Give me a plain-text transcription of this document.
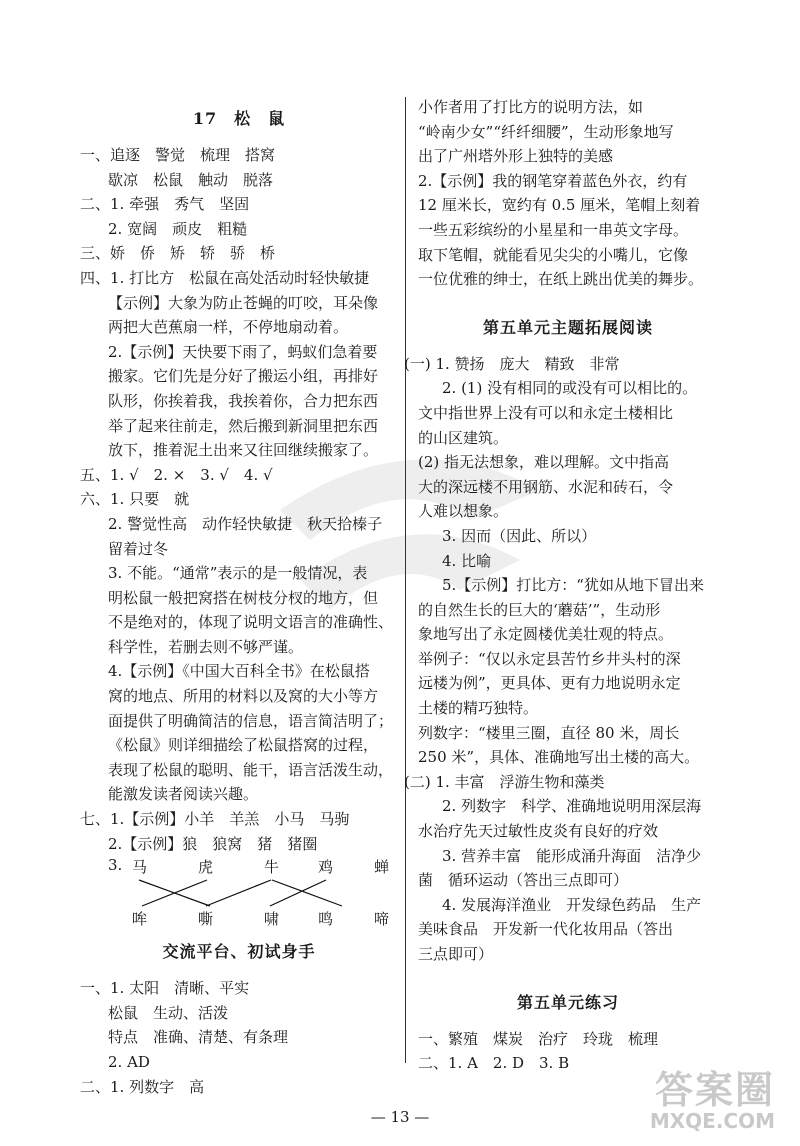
17　松　鼠
一、追逐　警觉　梳理　搭窝
歇凉　松鼠　触动　脱落
二、1. 牵强　秀气　坚固
2. 宽阔　顽皮　粗糙
三、娇　侨　矫　轿　骄　桥
四、1. 打比方　松鼠在高处活动时轻快敏捷
【示例】大象为防止苍蝇的叮咬，耳朵像
两把大芭蕉扇一样，不停地扇动着。
2.【示例】天快要下雨了，蚂蚁们急着要
搬家。它们先是分好了搬运小组，再排好
队形，你挨着我，我挨着你，合力把东西
举了起来往前走，然后搬到新洞里把东西
放下，推着泥土出来又往回继续搬家了。
五、1. √　2. ×　3. √　4. √
六、1. 只要　就
2. 警觉性高　动作轻快敏捷　秋天拾榛子
留着过冬
3. 不能。“通常”表示的是一般情况，表
明松鼠一般把窝搭在树枝分杈的地方，但
不是绝对的，体现了说明文语言的准确性、
科学性，若删去则不够严谨。
4.【示例】《中国大百科全书》在松鼠搭
窝的地点、所用的材料以及窝的大小等方
面提供了明确简洁的信息，语言简洁明了；
《松鼠》则详细描绘了松鼠搭窝的过程，
表现了松鼠的聪明、能干，语言活泼生动，
能激发读者阅读兴趣。
七、1.【示例】小羊　羊羔　小马　马驹
2.【示例】狼　狼窝　猪　猪圈
3. 马	虎	牛	鸡	蝉
哞	嘶	啸	鸣	啼
交流平台、初试身手
一、1. 太阳　清晰、平实
松鼠　生动、活泼
特点　准确、清楚、有条理
2. AD
二、1. 列数字　高
小作者用了打比方的说明方法，如
“岭南少女”“纤纤细腰”，生动形象地写
出了广州塔外形上独特的美感
2.【示例】我的钢笔穿着蓝色外衣，约有
12 厘米长，宽约有 0.5 厘米，笔帽上刻着
一些五彩缤纷的小星星和一串英文字母。
取下笔帽，就能看见尖尖的小嘴儿，它像
一位优雅的绅士，在纸上跳出优美的舞步。
第五单元主题拓展阅读
(一) 1. 赞扬　庞大　精致　非常
2. (1) 没有相同的或没有可以相比的。
文中指世界上没有可以和永定土楼相比
的山区建筑。
(2) 指无法想象，难以理解。文中指高
大的深远楼不用钢筋、水泥和砖石，令
人难以想象。
3. 因而（因此、所以）
4. 比喻
5.【示例】打比方：“犹如从地下冒出来
的自然生长的巨大的‘蘑菇’”，生动形
象地写出了永定圆楼优美壮观的特点。
举例子：“仅以永定县苦竹乡井头村的深
远楼为例”，更具体、更有力地说明永定
土楼的精巧独特。
列数字：“楼里三圈，直径 80 米，周长
250 米”，具体、准确地写出土楼的高大。
(二) 1. 丰富　浮游生物和藻类
2. 列数字　科学、准确地说明用深层海
水治疗先天过敏性皮炎有良好的疗效
3. 营养丰富　能形成涌升海面　洁净少
菌　循环运动（答出三点即可）
4. 发展海洋渔业　开发绿色药品　生产
美味食品　开发新一代化妆用品（答出
三点即可）
第五单元练习
一、繁殖　煤炭　治疗　玲珑　梳理
二、1. A　2. D　3. B
— 13 —
答案圈
MXQE.COM
